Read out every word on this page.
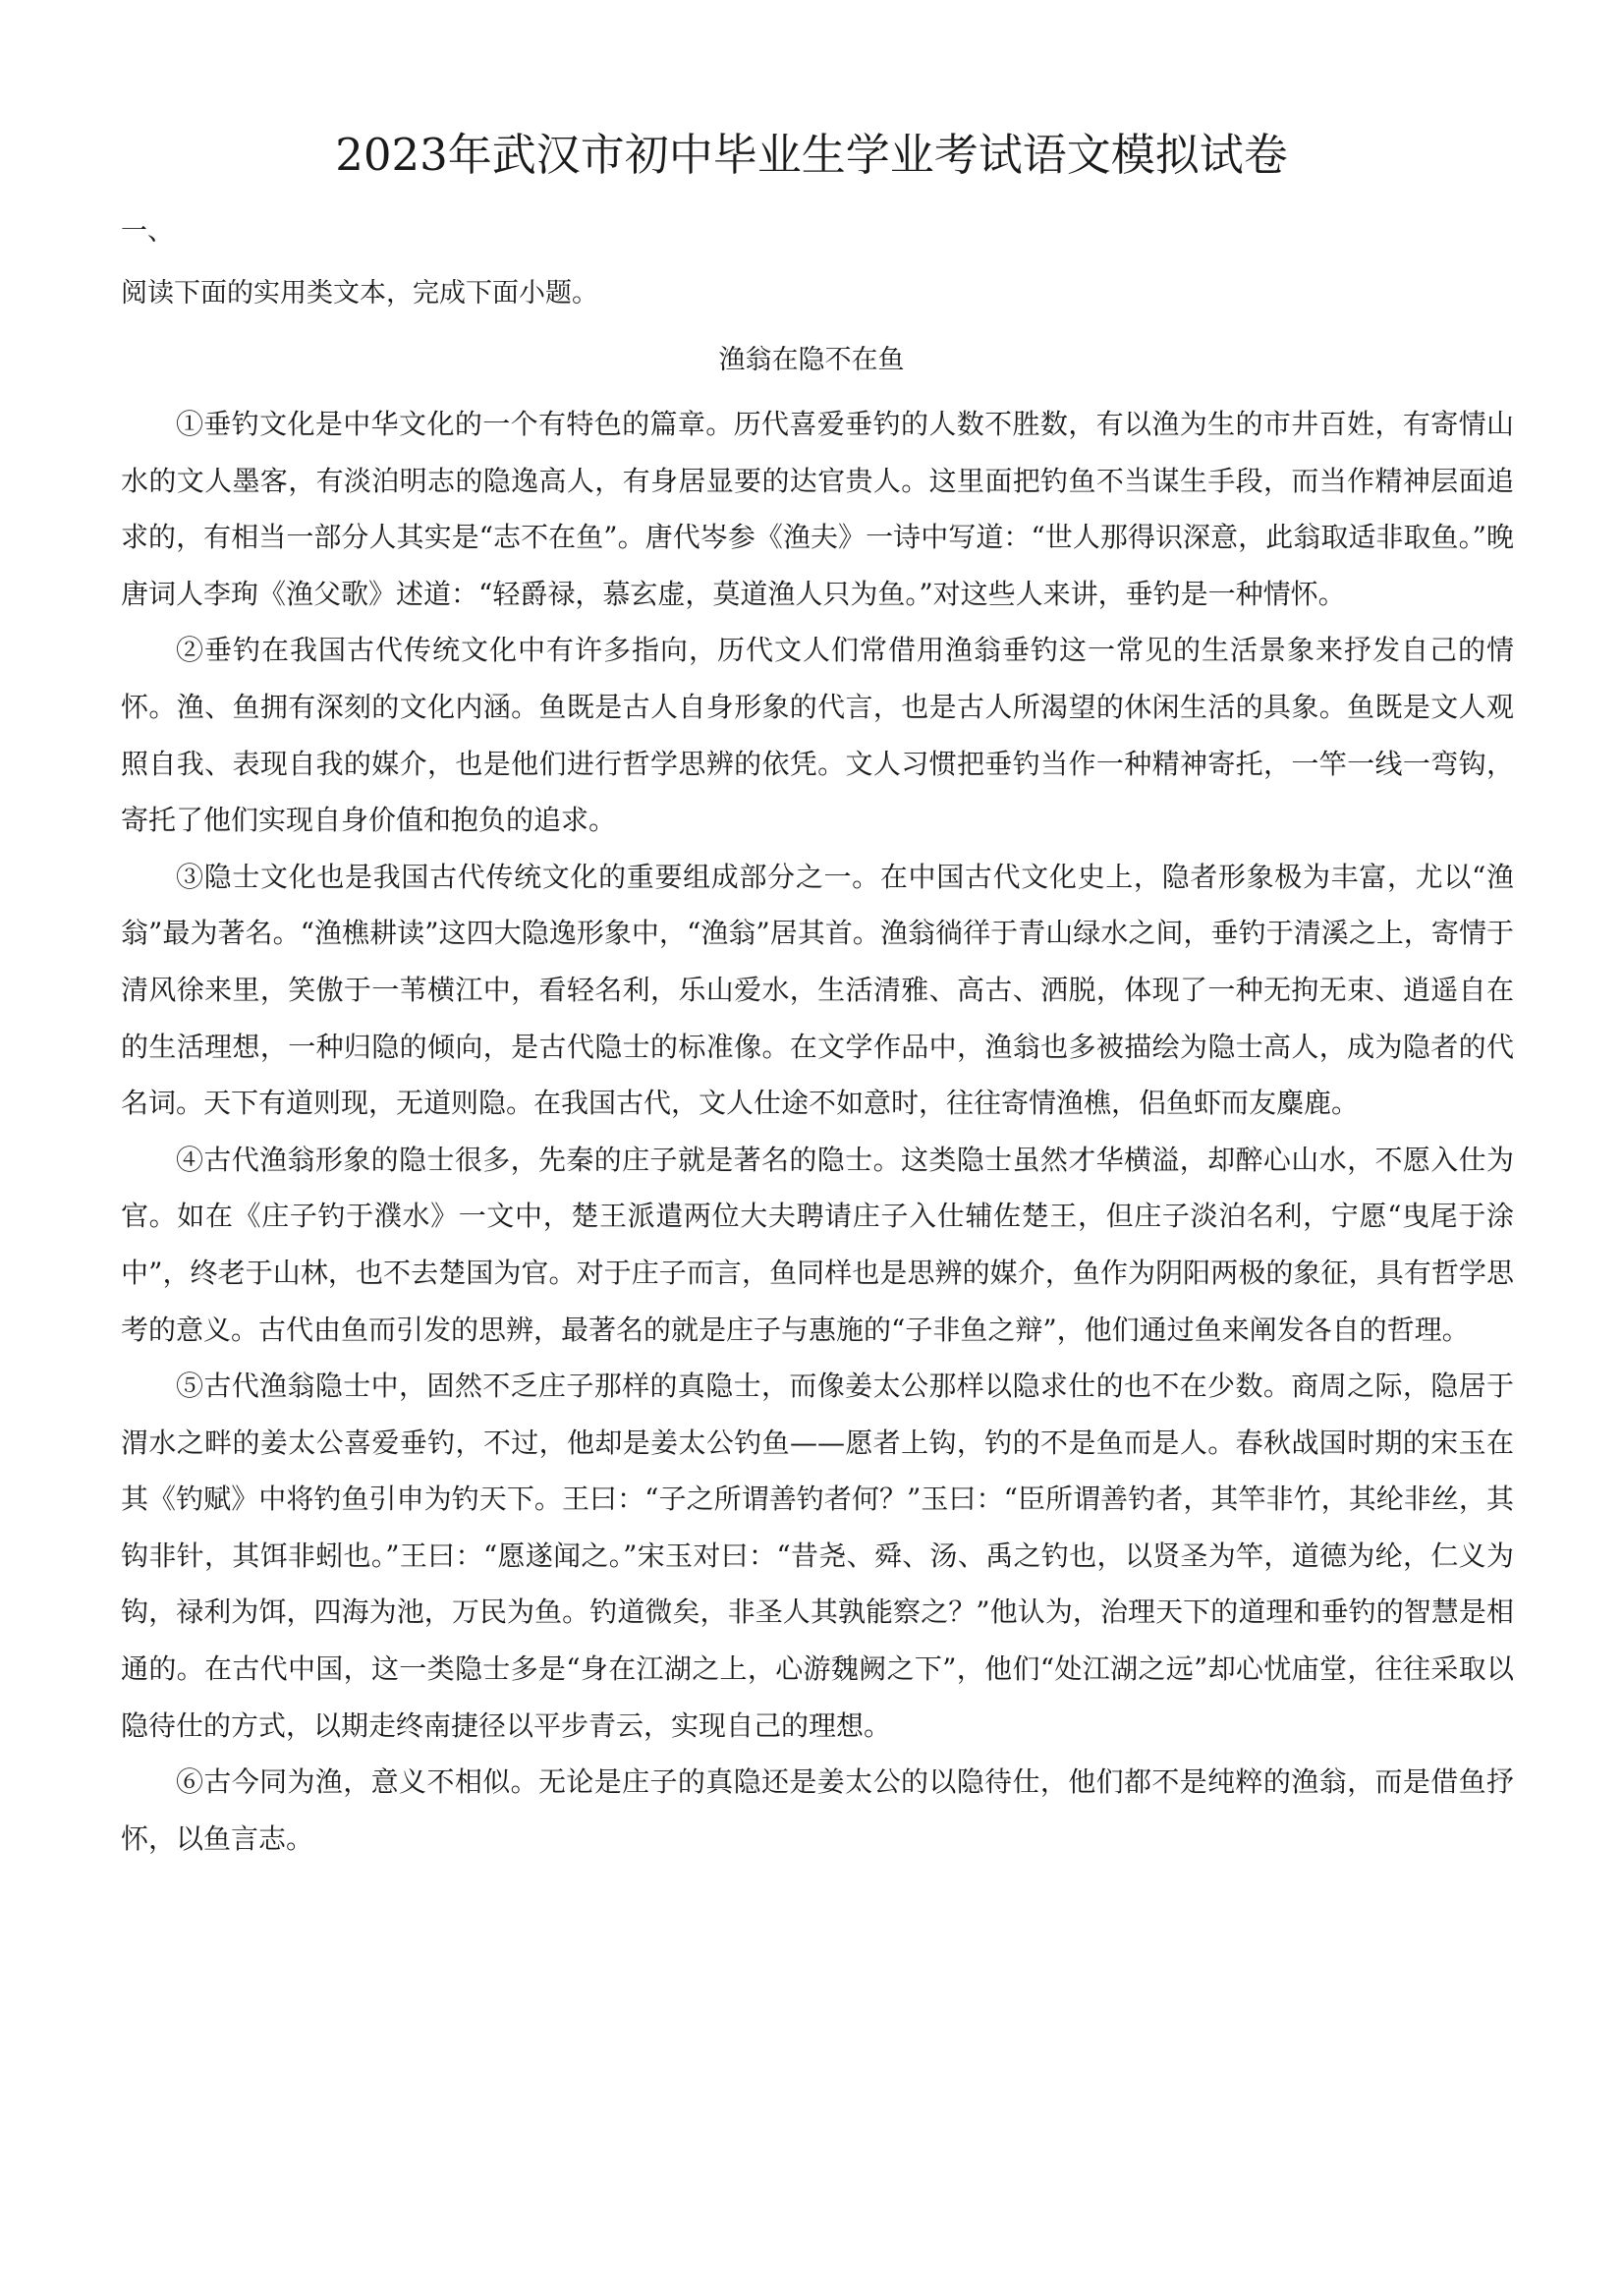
2023年武汉市初中毕业生学业考试语文模拟试卷
一、
阅读下面的实用类文本，完成下面小题。
渔翁在隐不在鱼

①垂钓文化是中华文化的一个有特色的篇章。历代喜爱垂钓的人数不胜数，有以渔为生的市井百姓，有寄情山水的文人墨客，有淡泊明志的隐逸高人，有身居显要的达官贵人。这里面把钓鱼不当谋生手段，而当作精神层面追求的，有相当一部分人其实是“志不在鱼”。唐代岑参《渔夫》一诗中写道：“世人那得识深意，此翁取适非取鱼。”晚唐词人李珣《渔父歌》述道：“轻爵禄，慕玄虚，莫道渔人只为鱼。”对这些人来讲，垂钓是一种情怀。

②垂钓在我国古代传统文化中有许多指向，历代文人们常借用渔翁垂钓这一常见的生活景象来抒发自己的情怀。渔、鱼拥有深刻的文化内涵。鱼既是古人自身形象的代言，也是古人所渴望的休闲生活的具象。鱼既是文人观照自我、表现自我的媒介，也是他们进行哲学思辨的依凭。文人习惯把垂钓当作一种精神寄托，一竿一线一弯钩，寄托了他们实现自身价值和抱负的追求。

③隐士文化也是我国古代传统文化的重要组成部分之一。在中国古代文化史上，隐者形象极为丰富，尤以“渔翁”最为著名。“渔樵耕读”这四大隐逸形象中，“渔翁”居其首。渔翁徜徉于青山绿水之间，垂钓于清溪之上，寄情于清风徐来里，笑傲于一苇横江中，看轻名利，乐山爱水，生活清雅、高古、洒脱，体现了一种无拘无束、逍遥自在的生活理想，一种归隐的倾向，是古代隐士的标准像。在文学作品中，渔翁也多被描绘为隐士高人，成为隐者的代名词。天下有道则现，无道则隐。在我国古代，文人仕途不如意时，往往寄情渔樵，侣鱼虾而友麋鹿。

④古代渔翁形象的隐士很多，先秦的庄子就是著名的隐士。这类隐士虽然才华横溢，却醉心山水，不愿入仕为官。如在《庄子钓于濮水》一文中，楚王派遣两位大夫聘请庄子入仕辅佐楚王，但庄子淡泊名利，宁愿“曳尾于涂中”，终老于山林，也不去楚国为官。对于庄子而言，鱼同样也是思辨的媒介，鱼作为阴阳两极的象征，具有哲学思考的意义。古代由鱼而引发的思辨，最著名的就是庄子与惠施的“子非鱼之辩”，他们通过鱼来阐发各自的哲理。

⑤古代渔翁隐士中，固然不乏庄子那样的真隐士，而像姜太公那样以隐求仕的也不在少数。商周之际，隐居于渭水之畔的姜太公喜爱垂钓，不过，他却是姜太公钓鱼——愿者上钩，钓的不是鱼而是人。春秋战国时期的宋玉在其《钓赋》中将钓鱼引申为钓天下。王曰：“子之所谓善钓者何？”玉曰：“臣所谓善钓者，其竿非竹，其纶非丝，其钩非针，其饵非蚓也。”王曰：“愿遂闻之。”宋玉对曰：“昔尧、舜、汤、禹之钓也，以贤圣为竿，道德为纶，仁义为钩，禄利为饵，四海为池，万民为鱼。钓道微矣，非圣人其孰能察之？”他认为，治理天下的道理和垂钓的智慧是相通的。在古代中国，这一类隐士多是“身在江湖之上，心游魏阙之下”，他们“处江湖之远”却心忧庙堂，往往采取以隐待仕的方式，以期走终南捷径以平步青云，实现自己的理想。

⑥古今同为渔，意义不相似。无论是庄子的真隐还是姜太公的以隐待仕，他们都不是纯粹的渔翁，而是借鱼抒怀，以鱼言志。
